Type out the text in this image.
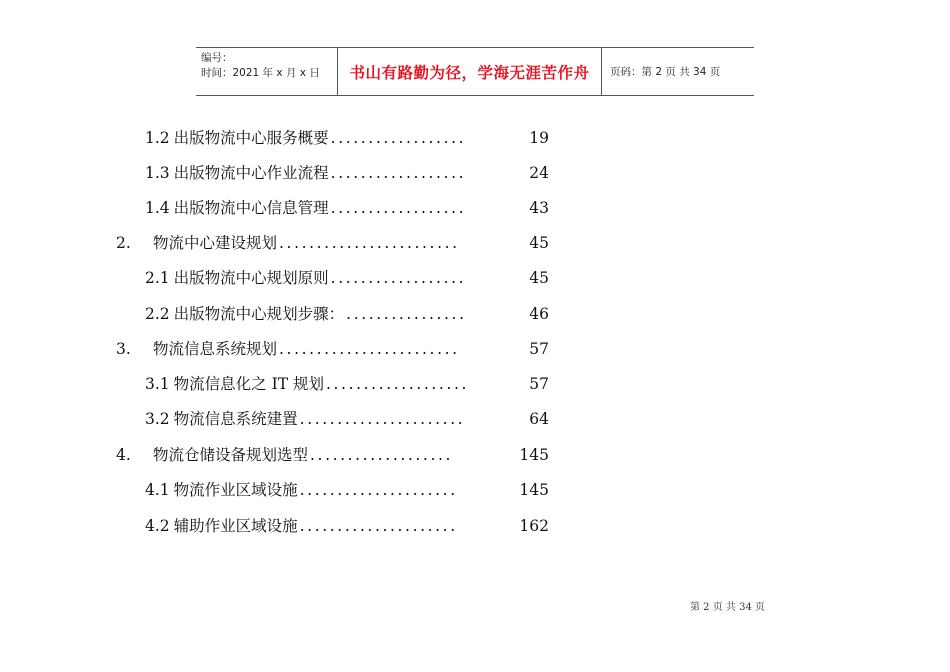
编号：
时间：2021 年 x 月 x 日	书山有路勤为径，学海无涯苦作舟 页码：第 2 页 共 34 页
1.2 出版物流中心服务概要 ..................	19
1.3 出版物流中心作业流程 ..................	24
1.4 出版物流中心信息管理 ..................	43
2.	物流中心建设规划 ........................	45
2.1 出版物流中心规划原则 ..................	45
2.2 出版物流中心规划步骤： ................	46
3.	物流信息系统规划 ........................	57
3.1 物流信息化之 IT 规划 ...................	57
3.2 物流信息系统建置 ......................	64
4.	物流仓储设备规划选型 ...................	145
4.1 物流作业区域设施 .....................	145
4.2 辅助作业区域设施 .....................	162
第 2 页 共 34 页
